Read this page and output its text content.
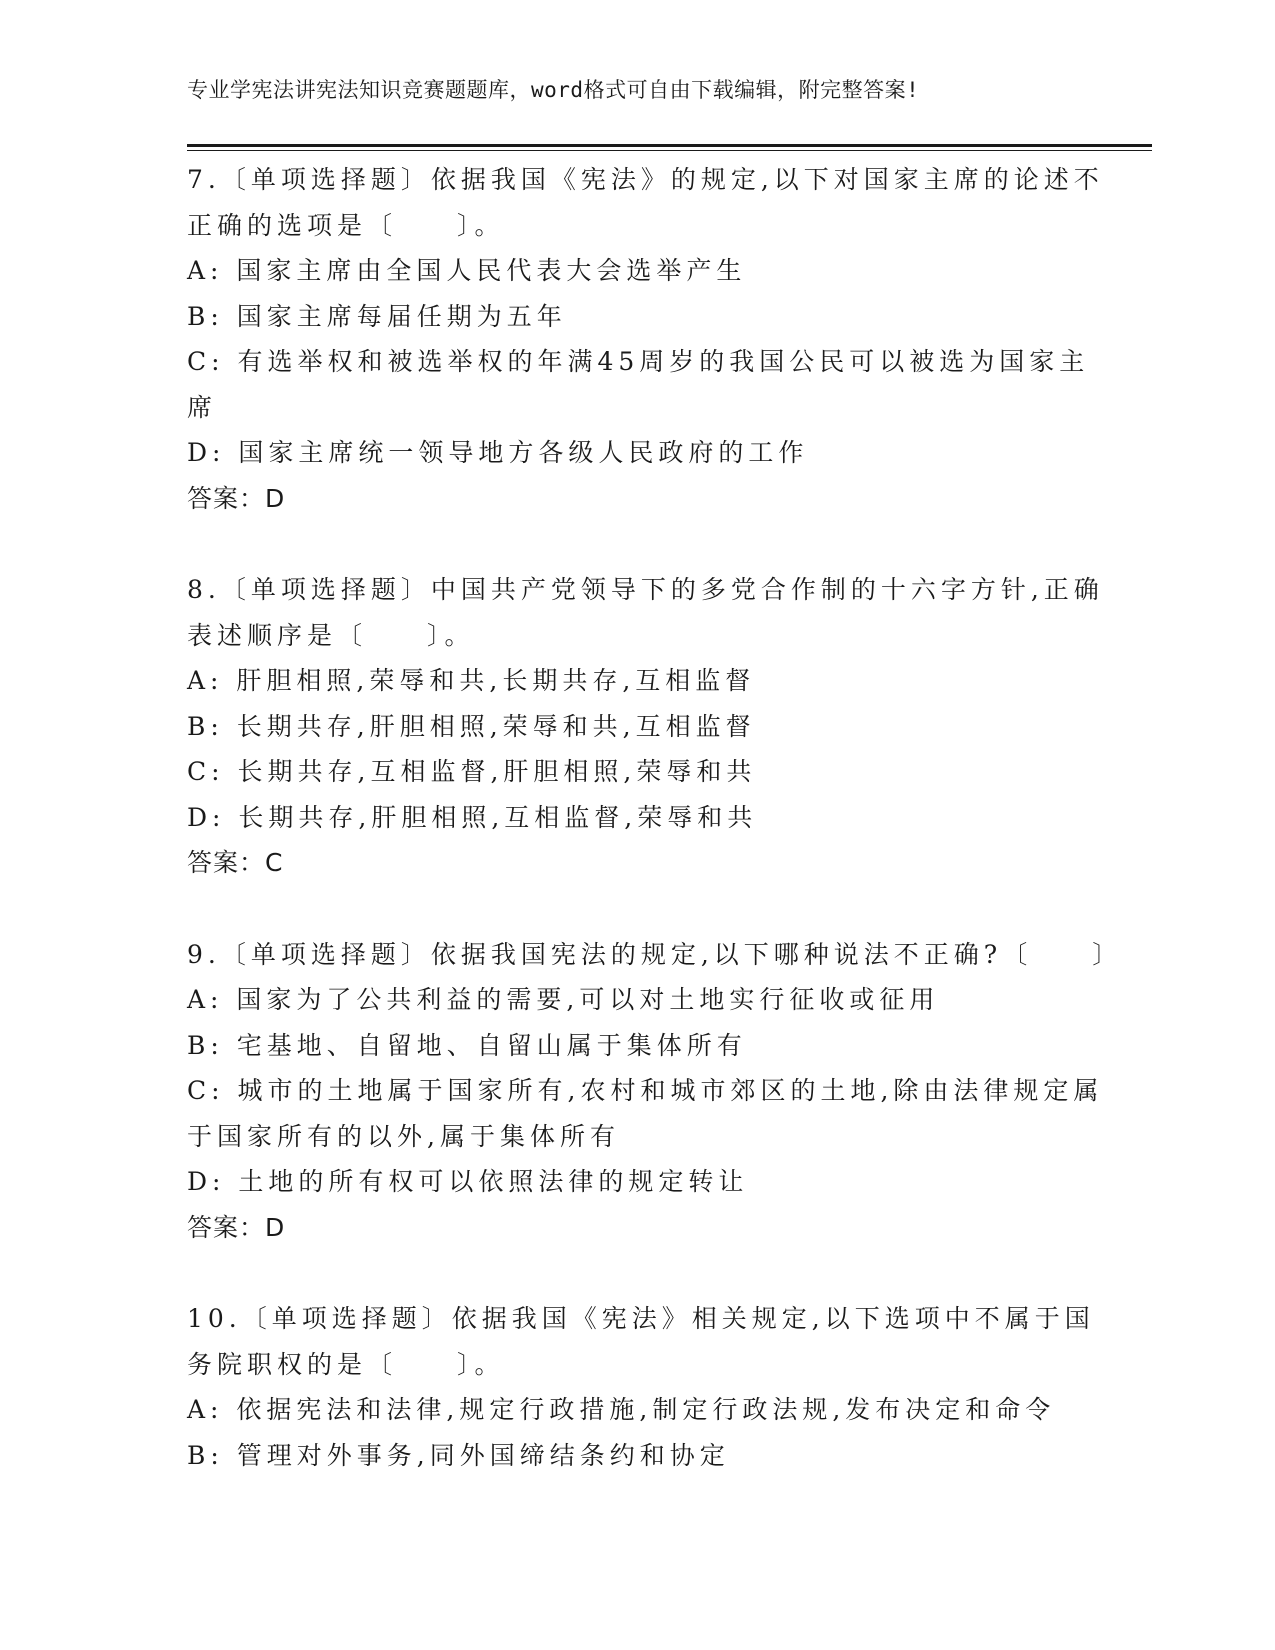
专业学宪法讲宪法知识竞赛题题库，word格式可自由下载编辑，附完整答案!
7.〔单项选择题〕依据我国《宪法》的规定,以下对国家主席的论述不
正确的选项是〔　　〕。
A: 国家主席由全国人民代表大会选举产生
B: 国家主席每届任期为五年
C: 有选举权和被选举权的年满45周岁的我国公民可以被选为国家主
席
D: 国家主席统一领导地方各级人民政府的工作
答案：D
8.〔单项选择题〕中国共产党领导下的多党合作制的十六字方针,正确
表述顺序是〔　　〕。
A: 肝胆相照,荣辱和共,长期共存,互相监督
B: 长期共存,肝胆相照,荣辱和共,互相监督
C: 长期共存,互相监督,肝胆相照,荣辱和共
D: 长期共存,肝胆相照,互相监督,荣辱和共
答案：C
9.〔单项选择题〕依据我国宪法的规定,以下哪种说法不正确?〔　　〕
A: 国家为了公共利益的需要,可以对土地实行征收或征用
B: 宅基地、自留地、自留山属于集体所有
C: 城市的土地属于国家所有,农村和城市郊区的土地,除由法律规定属
于国家所有的以外,属于集体所有
D: 土地的所有权可以依照法律的规定转让
答案：D
10.〔单项选择题〕依据我国《宪法》相关规定,以下选项中不属于国
务院职权的是〔　　〕。
A: 依据宪法和法律,规定行政措施,制定行政法规,发布决定和命令
B: 管理对外事务,同外国缔结条约和协定
